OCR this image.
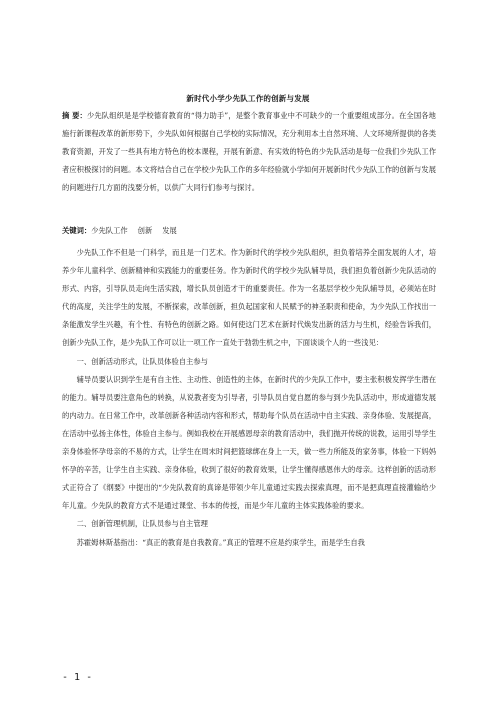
新时代小学少先队工作的创新与发展

摘 要：少先队组织是是学校德育教育的“得力助手”，是整个教育事业中不可缺少的一个重要组成部分。在全国各地施行新课程改革的新形势下，少先队如何根据自己学校的实际情况，充分利用本土自然环境、人文环境所提供的各类教育资源，开发了一些具有地方特色的校本课程，开展有新意、有实效的特色的少先队活动是每一位我们少先队工作者应积极探讨的问题。本文将结合自己在学校少先队工作的多年经验就小学如何开展新时代少先队工作的创新与发展的问题进行几方面的浅要分析，以供广大同行们参考与探讨。

关键词：少先队工作 创新 发展

少先队工作不但是一门科学，而且是一门艺术。作为新时代的学校少先队组织，担负着培养全面发展的人才，培养少年儿童科学、创新精神和实践能力的重要任务。作为新时代的学校少先队辅导员，我们担负着创新少先队活动的形式、内容，引导队员走向生活实践，增长队员创造才干的重要责任。作为一名基层学校少先队辅导员，必须站在时代的高度，关注学生的发展，不断探索，改革创新，担负起国家和人民赋予的神圣职责和使命，为少先队工作找出一条能激发学生兴趣，有个性、有特色的创新之路。如何使这门艺术在新时代焕发出新的活力与生机，经验告诉我们，创新少先队工作，是少先队工作可以让一项工作一直处于勃勃生机之中，下面谈谈个人的一些浅见：

一、创新活动形式，让队员体验自主参与

辅导员要认识到学生是有自主性、主动性、创造性的主体，在新时代的少先队工作中，要主张积极发挥学生潜在的能力。辅导员要注意角色的转换，从说教者变为引导者，引导队员自觉自愿的参与到少先队活动中，形成道德发展的内动力。在日常工作中，改革创新各种活动内容和形式，帮助每个队员在活动中自主实践、亲身体验、发展提高，在活动中弘扬主体性，体验自主参与。例如我校在开展感恩母亲的教育活动中，我们抛开传统的说教，运用引导学生亲身体验怀孕母亲的不易的方式，让学生在周末时间把篮球绑在身上一天，做一些力所能及的家务事，体验一下妈妈怀孕的辛苦，让学生自主实践、亲身体验，收到了很好的教育效果，让学生懂得感恩伟大的母亲。这样创新的活动形式正符合了《纲要》中提出的“少先队教育的真谛是带领少年儿童通过实践去探索真理，而不是把真理直接灌输给少年儿童。少先队的教育方式不是通过课堂、书本的传授，而是少年儿童的主体实践体验的要求。

二、创新管理机制，让队员参与自主管理

苏霍姆林斯基指出：“真正的教育是自我教育。”真正的管理不应是约束学生，而是学生自我

- 1 -
